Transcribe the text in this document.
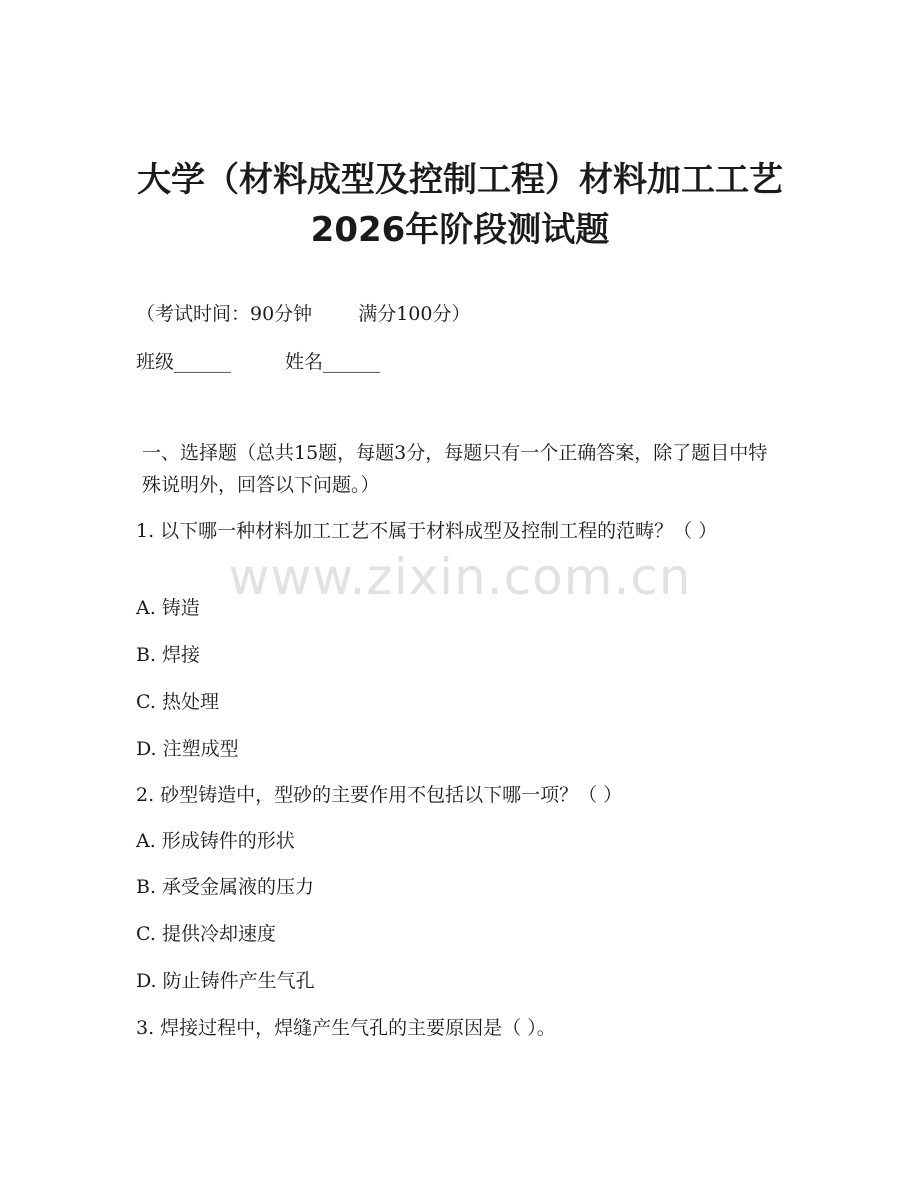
大学（材料成型及控制工程）材料加工工艺
2026年阶段测试题
（考试时间：90分钟 满分100分）
班级______	姓名______
一、选择题（总共15题，每题3分，每题只有一个正确答案，除了题目中特殊说明外，回答以下问题。）
1. 以下哪一种材料加工工艺不属于材料成型及控制工程的范畴？（ ）
A. 铸造
B. 焊接
C. 热处理
D. 注塑成型
2. 砂型铸造中，型砂的主要作用不包括以下哪一项？（ ）
A. 形成铸件的形状
B. 承受金属液的压力
C. 提供冷却速度
D. 防止铸件产生气孔
3. 焊接过程中，焊缝产生气孔的主要原因是（ ）。
www.zixin.com.cn
